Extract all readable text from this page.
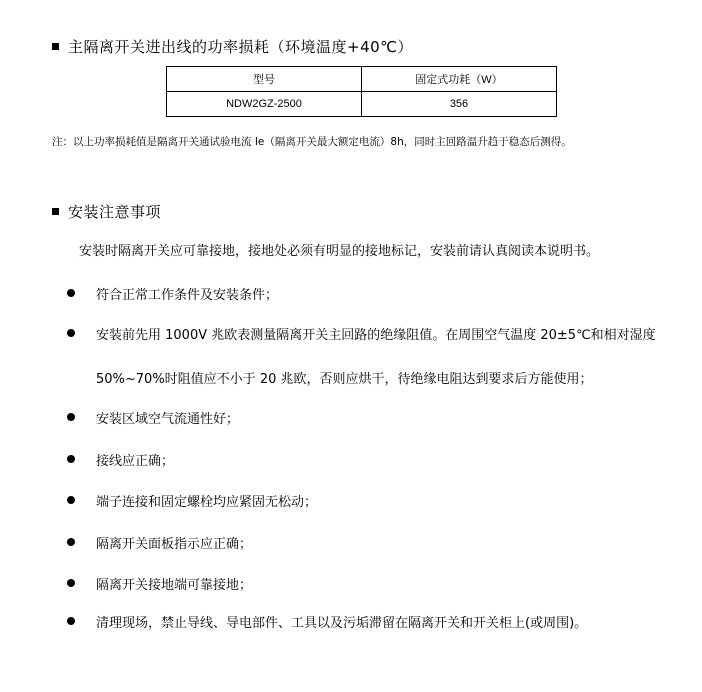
主隔离开关进出线的功率损耗（环境温度+40℃）
型号	固定式功耗（W）
NDW2GZ-2500	356
注：以上功率损耗值是隔离开关通试验电流 Ie（隔离开关最大额定电流）8h，同时主回路温升趋于稳态后测得。
安装注意事项
安装时隔离开关应可靠接地，接地处必须有明显的接地标记，安装前请认真阅读本说明书。
符合正常工作条件及安装条件；
安装前先用 1000V 兆欧表测量隔离开关主回路的绝缘阻值。在周围空气温度 20±5℃和相对湿度
50%~70%时阻值应不小于 20 兆欧，否则应烘干，待绝缘电阻达到要求后方能使用；
安装区域空气流通性好；
接线应正确；
端子连接和固定螺栓均应紧固无松动；
隔离开关面板指示应正确；
隔离开关接地端可靠接地；
清理现场，禁止导线、导电部件、工具以及污垢滞留在隔离开关和开关柜上(或周围)。
